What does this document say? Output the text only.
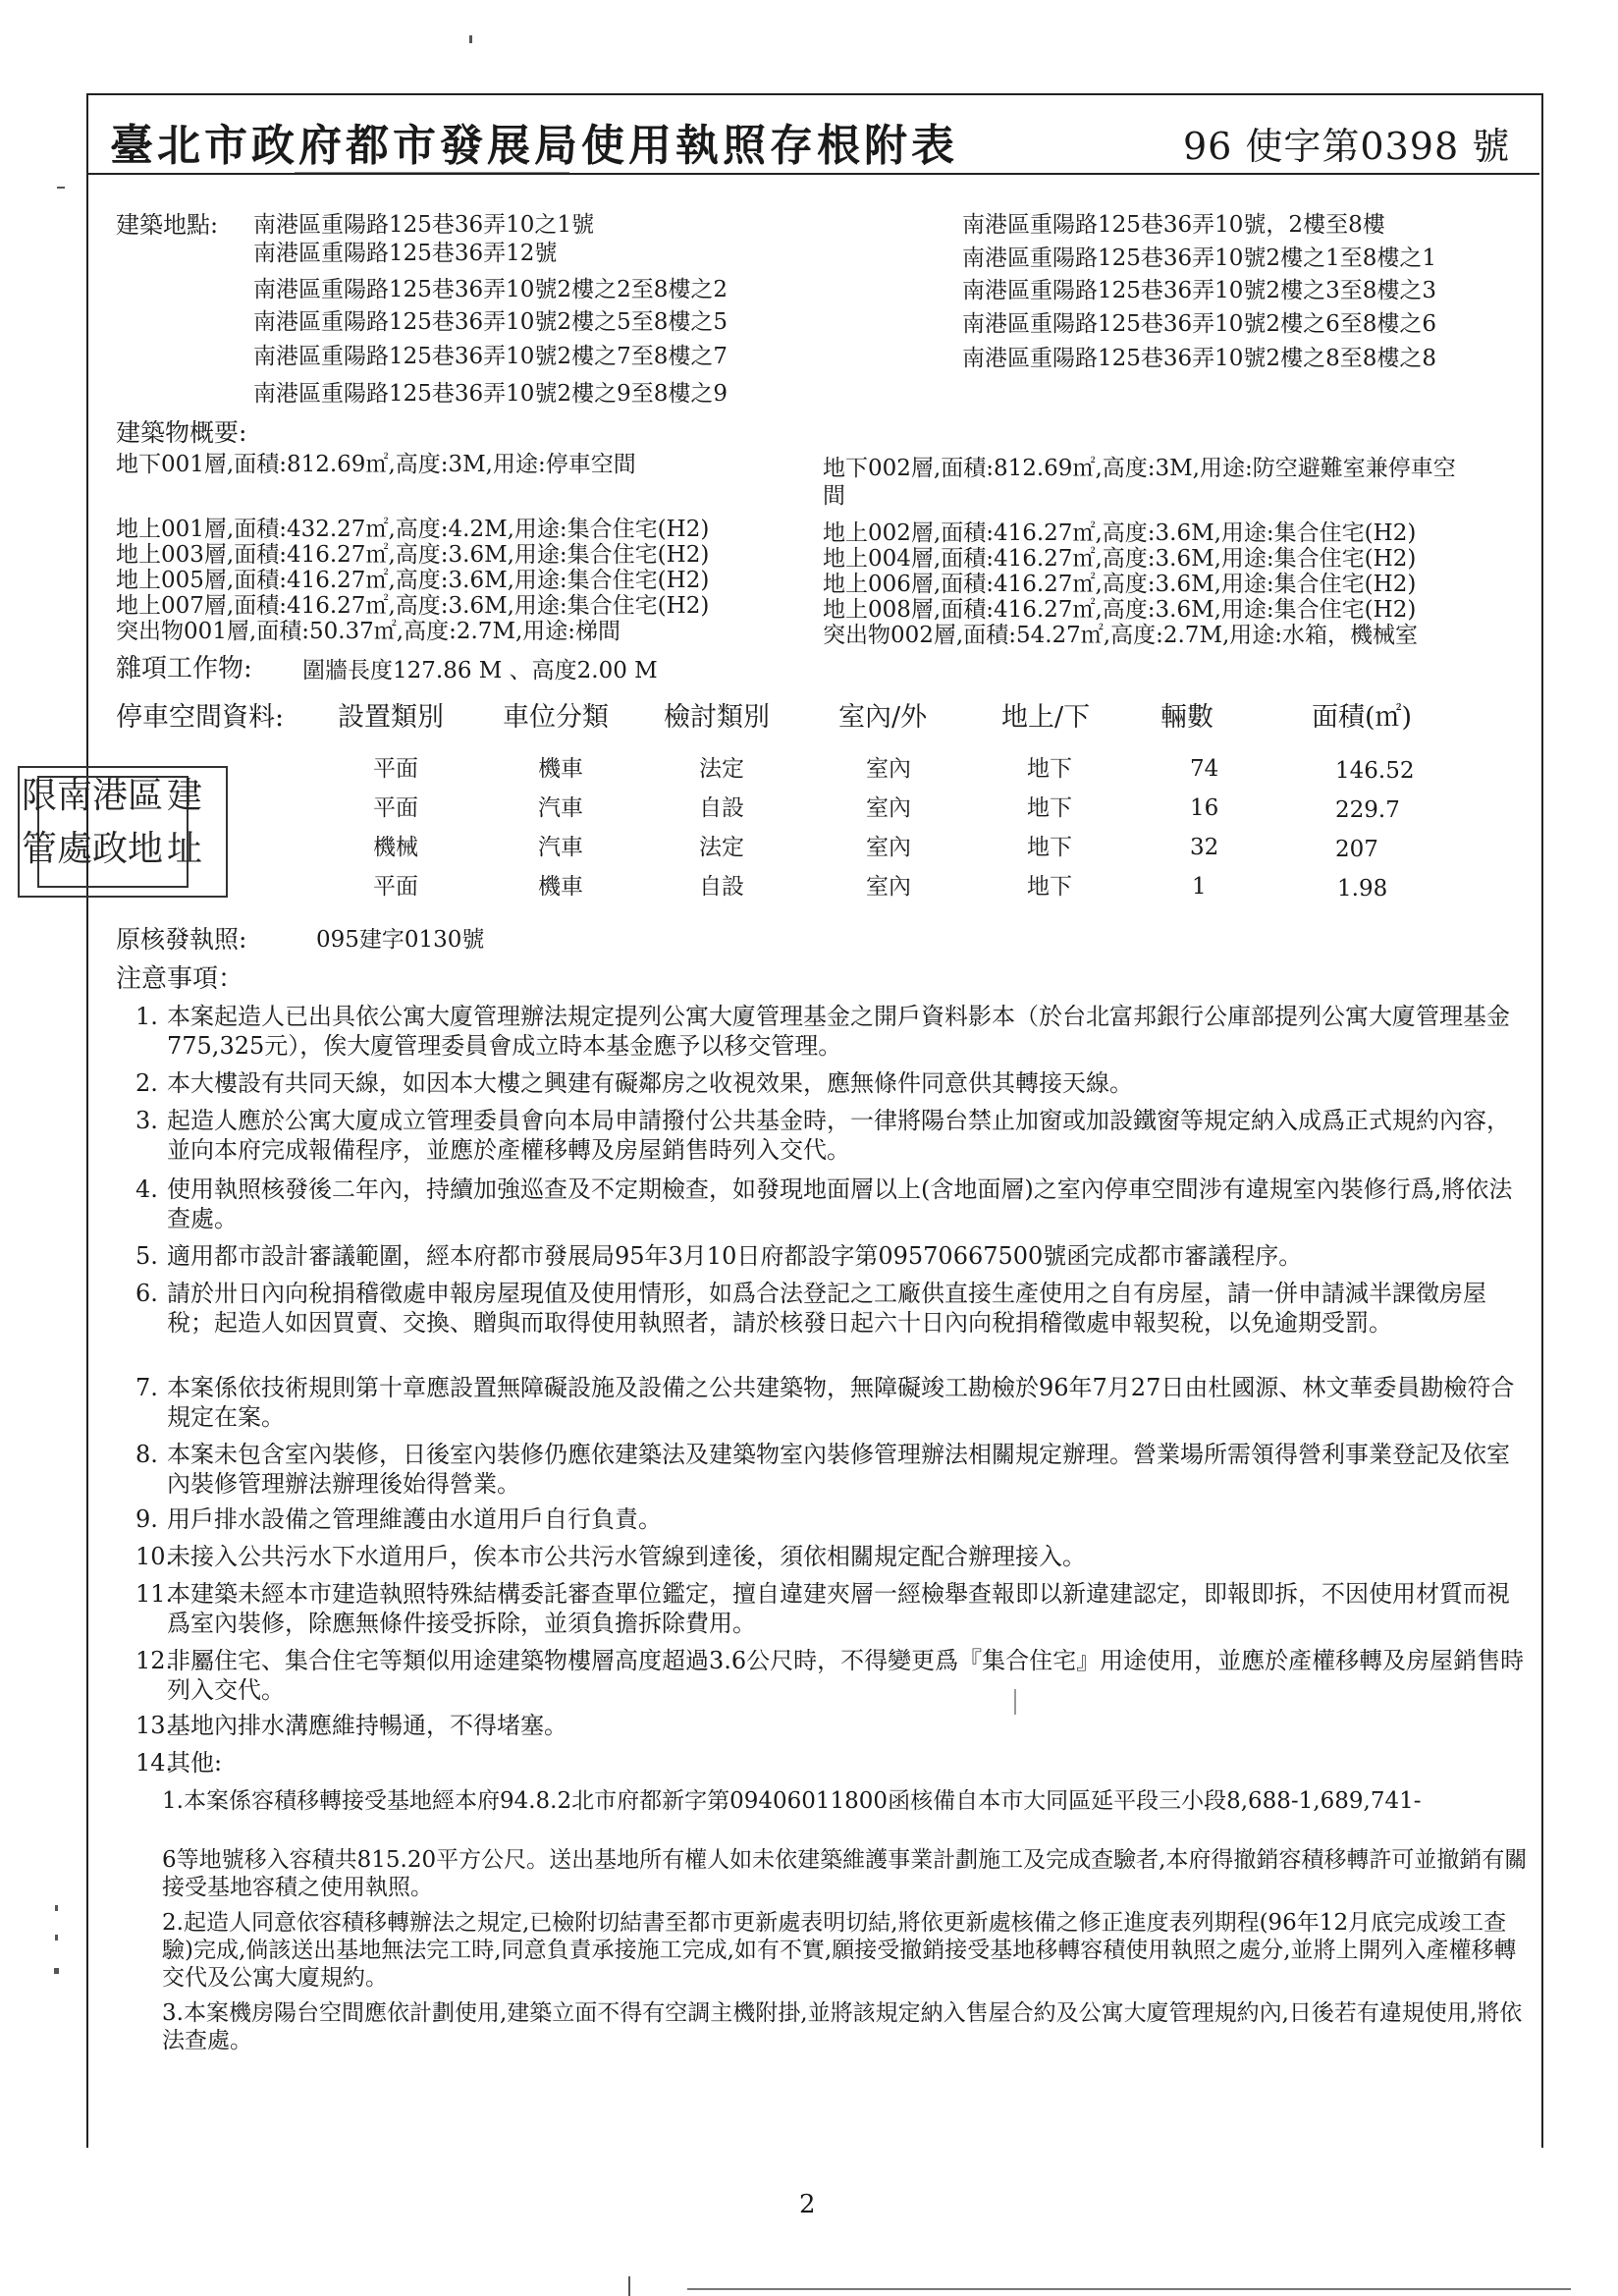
臺北市政府都市發展局使用執照存根附表	96 使字第0398 號
建築地點: 南港區重陽路125巷36弄10之1號
南港區重陽路125巷36弄12號
南港區重陽路125巷36弄10號2樓之2至8樓之2
南港區重陽路125巷36弄10號2樓之5至8樓之5
南港區重陽路125巷36弄10號2樓之7至8樓之7
南港區重陽路125巷36弄10號2樓之9至8樓之9
南港區重陽路125巷36弄10號，2樓至8樓
南港區重陽路125巷36弄10號2樓之1至8樓之1
南港區重陽路125巷36弄10號2樓之3至8樓之3
南港區重陽路125巷36弄10號2樓之6至8樓之6
南港區重陽路125巷36弄10號2樓之8至8樓之8
建築物概要:
地下001層,面積:812.69㎡,高度:3M,用途:停車空間	地下002層,面積:812.69㎡,高度:3M,用途:防空避難室兼停車空
間
地上001層,面積:432.27㎡,高度:4.2M,用途:集合住宅(H2)
地上003層,面積:416.27㎡,高度:3.6M,用途:集合住宅(H2)
地上005層,面積:416.27㎡,高度:3.6M,用途:集合住宅(H2)
地上007層,面積:416.27㎡,高度:3.6M,用途:集合住宅(H2)
突出物001層,面積:50.37㎡,高度:2.7M,用途:梯間
地上002層,面積:416.27㎡,高度:3.6M,用途:集合住宅(H2)
地上004層,面積:416.27㎡,高度:3.6M,用途:集合住宅(H2)
地上006層,面積:416.27㎡,高度:3.6M,用途:集合住宅(H2)
地上008層,面積:416.27㎡,高度:3.6M,用途:集合住宅(H2)
突出物002層,面積:54.27㎡,高度:2.7M,用途:水箱，機械室
雜項工作物: 圍牆長度127.86 M 、高度2.00 M
停車空間資料: 設置類別 車位分類 檢討類別	室內/外	地上/下	輛數	面積(㎡)
平面	機車	法定	室內	地下	74	146.52
平面	汽車	自設	室內	地下	16	229.7
機械	汽車	法定	室內	地下	32	207
平面	機車	自設	室內	地下	1	1.98
限 南 港 區 建
管 處 政 地 址
原核發執照:	095建字0130號
注意事項：
1. 本案起造人已出具依公寓大廈管理辦法規定提列公寓大廈管理基金之開戶資料影本（於台北富邦銀行公庫部提列公寓大廈管理基金775,325元），俟大廈管理委員會成立時本基金應予以移交管理。
2. 本大樓設有共同天線，如因本大樓之興建有礙鄰房之收視效果，應無條件同意供其轉接天線。
3. 起造人應於公寓大廈成立管理委員會向本局申請撥付公共基金時，一律將陽台禁止加窗或加設鐵窗等規定納入成爲正式規約內容，並向本府完成報備程序，並應於產權移轉及房屋銷售時列入交代。
4. 使用執照核發後二年內，持續加強巡查及不定期檢查，如發現地面層以上(含地面層)之室內停車空間涉有違規室內裝修行爲,將依法查處。
5. 適用都市設計審議範圍，經本府都市發展局95年3月10日府都設字第09570667500號函完成都市審議程序。
6. 請於卅日內向稅捐稽徵處申報房屋現值及使用情形，如爲合法登記之工廠供直接生產使用之自有房屋，請一併申請減半課徵房屋稅；起造人如因買賣、交換、贈與而取得使用執照者，請於核發日起六十日內向稅捐稽徵處申報契稅，以免逾期受罰。
7. 本案係依技術規則第十章應設置無障礙設施及設備之公共建築物，無障礙竣工勘檢於96年7月27日由杜國源、林文華委員勘檢符合規定在案。
8. 本案未包含室內裝修，日後室內裝修仍應依建築法及建築物室內裝修管理辦法相關規定辦理。營業場所需領得營利事業登記及依室內裝修管理辦法辦理後始得營業。
9. 用戶排水設備之管理維護由水道用戶自行負責。
10.
未接入公共污水下水道用戶，俟本市公共污水管線到達後，須依相關規定配合辦理接入。
11.
本建築未經本市建造執照特殊結構委託審查單位鑑定，擅自違建夾層一經檢舉查報即以新違建認定，即報即拆，不因使用材質而視爲室內裝修，除應無條件接受拆除，並須負擔拆除費用。
12.
非屬住宅、集合住宅等類似用途建築物樓層高度超過3.6公尺時，不得變更爲『集合住宅』用途使用，並應於產權移轉及房屋銷售時列入交代。
13.
基地內排水溝應維持暢通，不得堵塞。
14.
其他:
1.本案係容積移轉接受基地經本府94.8.2北市府都新字第09406011800函核備自本市大同區延平段三小段8,688-1,689,741-
6等地號移入容積共815.20平方公尺。送出基地所有權人如未依建築維護事業計劃施工及完成查驗者,本府得撤銷容積移轉許可並撤銷有關接受基地容積之使用執照。
2.起造人同意依容積移轉辦法之規定,已檢附切結書至都市更新處表明切結,將依更新處核備之修正進度表列期程(96年12月底完成竣工查驗)完成,倘該送出基地無法完工時,同意負責承接施工完成,如有不實,願接受撤銷接受基地移轉容積使用執照之處分,並將上開列入產權移轉交代及公寓大廈規約。
3.本案機房陽台空間應依計劃使用,建築立面不得有空調主機附掛,並將該規定納入售屋合約及公寓大廈管理規約內,日後若有違規使用,將依法查處。
2
